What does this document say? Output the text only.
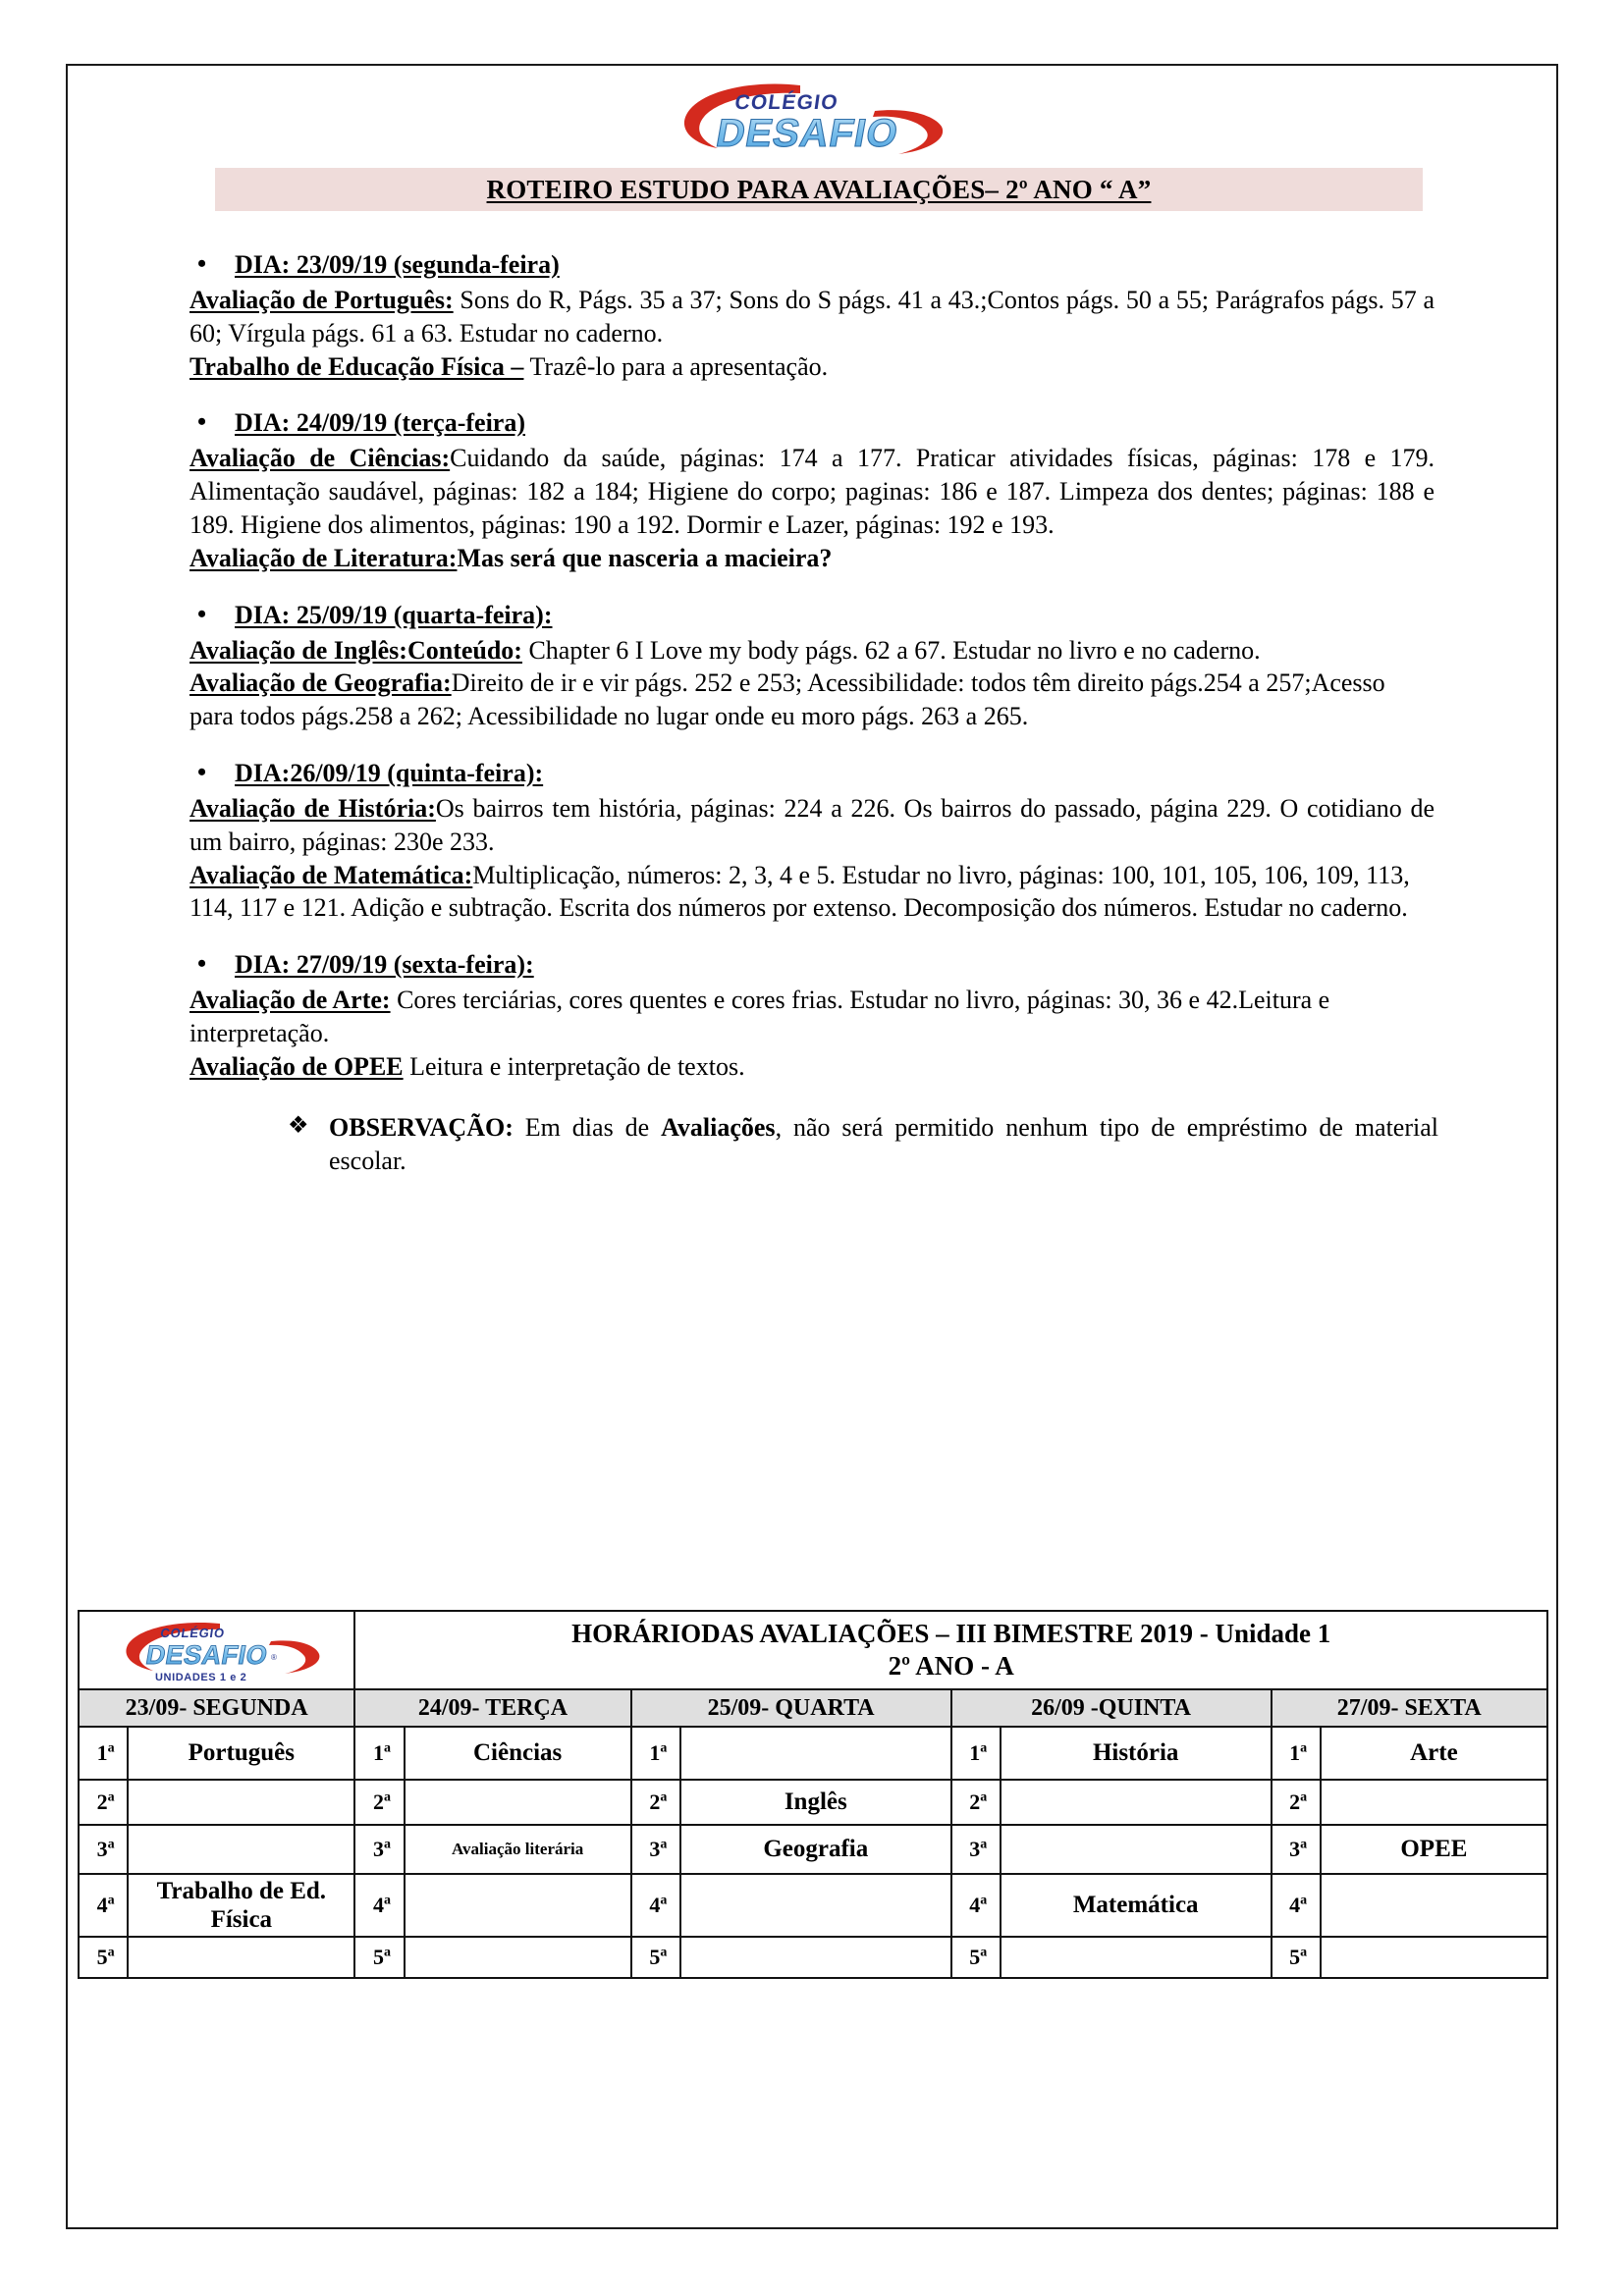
COLÉGIO
DESAFIO
ROTEIRO ESTUDO PARA AVALIAÇÕES– 2º ANO “ A”
• DIA: 23/09/19 (segunda-feira)

Avaliação de Português: Sons do R, Págs. 35 a 37; Sons do S págs. 41 a 43.;Contos págs. 50 a 55; Parágrafos págs. 57 a 60; Vírgula págs. 61 a 63. Estudar no caderno.

Trabalho de Educação Física – Trazê-lo para a apresentação.

• DIA: 24/09/19 (terça-feira)

Avaliação de Ciências:Cuidando da saúde, páginas: 174 a 177. Praticar atividades físicas, páginas: 178 e 179. Alimentação saudável, páginas: 182 a 184; Higiene do corpo; paginas: 186 e 187. Limpeza dos dentes; páginas: 188 e 189. Higiene dos alimentos, páginas: 190 a 192. Dormir e Lazer, páginas: 192 e 193.

Avaliação de Literatura:Mas será que nasceria a macieira?

• DIA: 25/09/19 (quarta-feira):

Avaliação de Inglês:Conteúdo: Chapter 6 I Love my body págs. 62 a 67. Estudar no livro e no caderno.

Avaliação de Geografia:Direito de ir e vir págs. 252 e 253; Acessibilidade: todos têm direito págs.254 a 257;Acesso para todos págs.258 a 262; Acessibilidade no lugar onde eu moro págs. 263 a 265.

• DIA:26/09/19 (quinta-feira):

Avaliação de História:Os bairros tem história, páginas: 224 a 226. Os bairros do passado, página 229. O cotidiano de um bairro, páginas: 230e 233.

Avaliação de Matemática:Multiplicação, números: 2, 3, 4 e 5. Estudar no livro, páginas: 100, 101, 105, 106, 109, 113, 114, 117 e 121. Adição e subtração. Escrita dos números por extenso. Decomposição dos números. Estudar no caderno.

• DIA: 27/09/19 (sexta-feira):

Avaliação de Arte: Cores terciárias, cores quentes e cores frias. Estudar no livro, páginas: 30, 36 e 42.Leitura e interpretação.

Avaliação de OPEE Leitura e interpretação de textos.

❖ OBSERVAÇÃO: Em dias de Avaliações, não será permitido nenhum tipo de empréstimo de material escolar.
COLÉGIO
DESAFIO ®
UNIDADES 1 e 2

HORÁRIODAS AVALIAÇÕES – III BIMESTRE 2019 - Unidade 1
2º ANO - A

23/09- SEGUNDA		24/09- TERÇA		25/09- QUARTA		26/09 -QUINTA		27/09- SEXTA	
1$^a$	Português	1$^a$	Ciências	1$^a$		1$^a$	História	1$^a$	Arte
2$^a$		2$^a$		2$^a$	Inglês	2$^a$		2$^a$	
3$^a$		3$^a$	Avaliação literária	3$^a$	Geografia	3$^a$		3$^a$	OPEE
4$^a$	Trabalho de Ed. Física	4$^a$		4$^a$		4$^a$	Matemática	4$^a$	
5$^a$		5$^a$		5$^a$		5$^a$		5$^a$	
